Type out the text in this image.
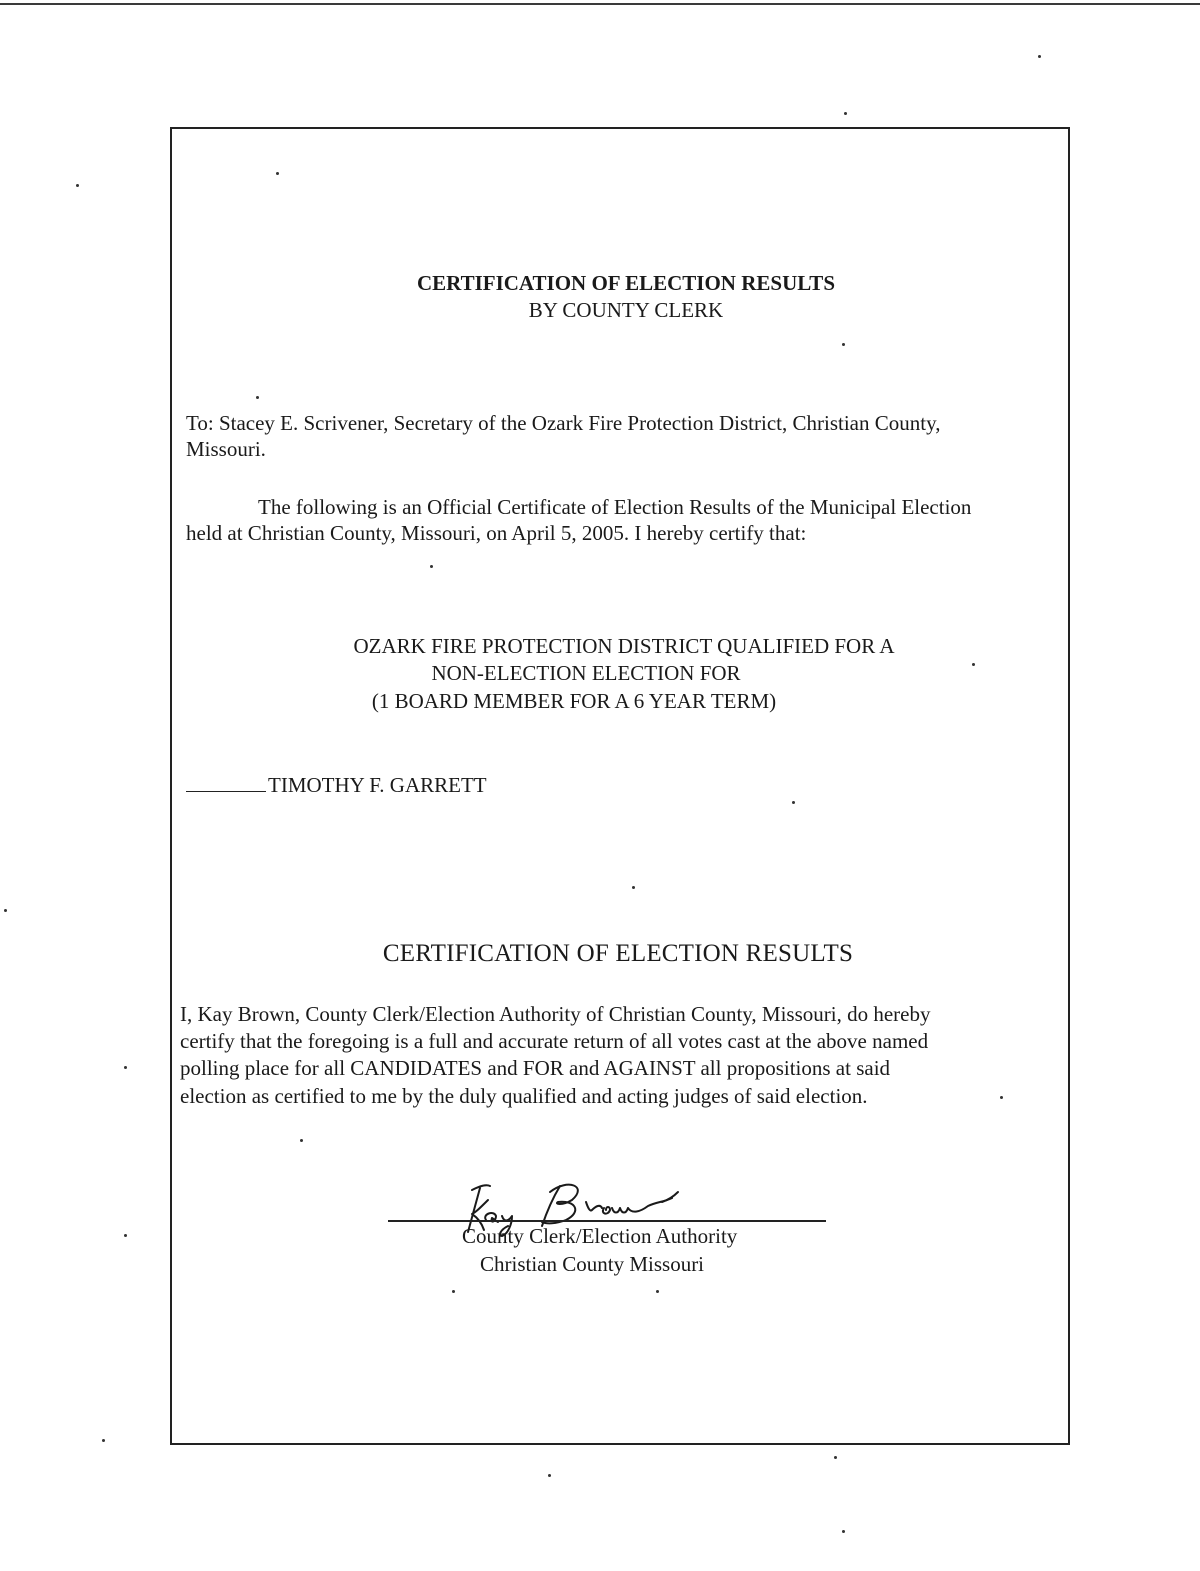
CERTIFICATION OF ELECTION RESULTS
BY COUNTY CLERK
To: Stacey E. Scrivener, Secretary of the Ozark Fire Protection District, Christian County,
Missouri.
The following is an Official Certificate of Election Results of the Municipal Election
held at Christian County, Missouri, on April 5, 2005. I hereby certify that:
OZARK FIRE PROTECTION DISTRICT QUALIFIED FOR A
NON-ELECTION ELECTION FOR
(1 BOARD MEMBER FOR A 6 YEAR TERM)
TIMOTHY F. GARRETT
CERTIFICATION OF ELECTION RESULTS
I, Kay Brown, County Clerk/Election Authority of Christian County, Missouri, do hereby
certify that the foregoing is a full and accurate return of all votes cast at the above named
polling place for all CANDIDATES and FOR and AGAINST all propositions at said
election as certified to me by the duly qualified and acting judges of said election.
County Clerk/Election Authority
Christian County Missouri
